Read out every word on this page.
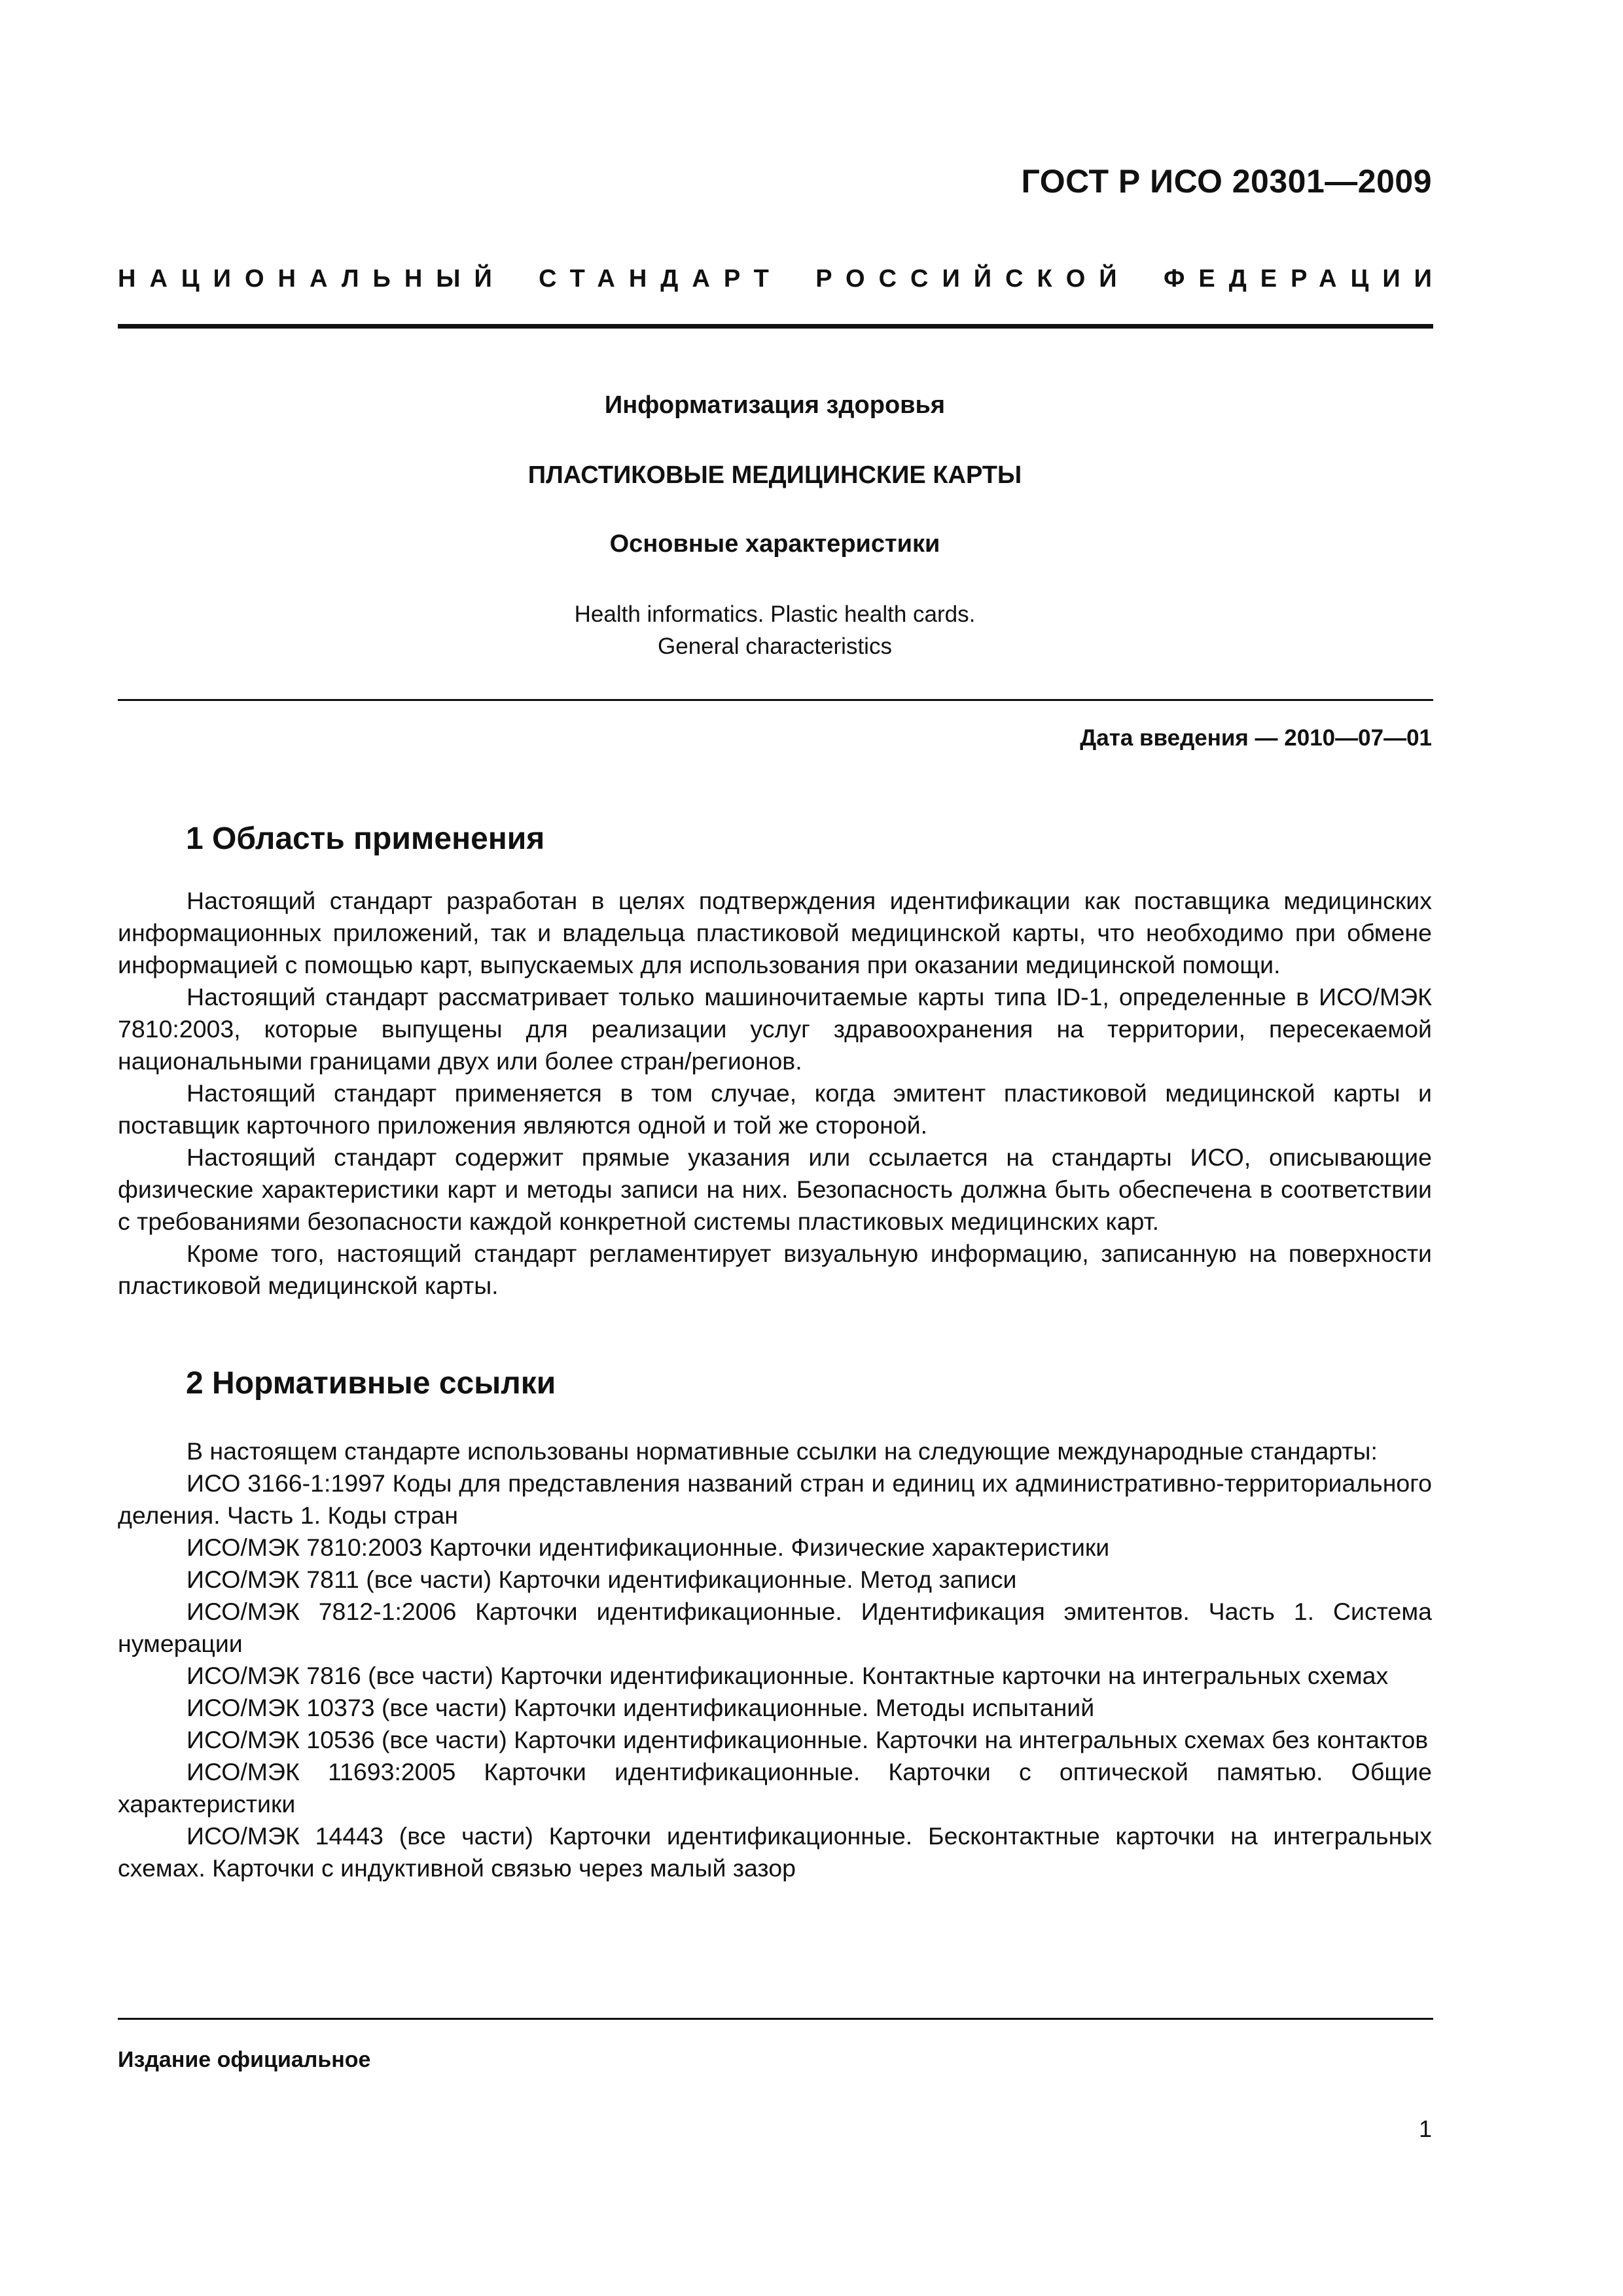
ГОСТ Р ИСО 20301—2009
НАЦИОНАЛЬНЫЙ СТАНДАРТ РОССИЙСКОЙ ФЕДЕРАЦИИ
Информатизация здоровья
ПЛАСТИКОВЫЕ МЕДИЦИНСКИЕ КАРТЫ
Основные характеристики
Health informatics. Plastic health cards.
General characteristics
Дата введения — 2010—07—01
1 Область применения

Настоящий стандарт разработан в целях подтверждения идентификации как поставщика медицинских информационных приложений, так и владельца пластиковой медицинской карты, что необходимо при обмене информацией с помощью карт, выпускаемых для использования при оказании медицинской помощи.

Настоящий стандарт рассматривает только машиночитаемые карты типа ID-1, определенные в ИСО/МЭК 7810:2003, которые выпущены для реализации услуг здравоохранения на территории, пересекаемой национальными границами двух или более стран/регионов.

Настоящий стандарт применяется в том случае, когда эмитент пластиковой медицинской карты и поставщик карточного приложения являются одной и той же стороной.

Настоящий стандарт содержит прямые указания или ссылается на стандарты ИСО, описывающие физические характеристики карт и методы записи на них. Безопасность должна быть обеспечена в соответствии с требованиями безопасности каждой конкретной системы пластиковых медицинских карт.

Кроме того, настоящий стандарт регламентирует визуальную информацию, записанную на поверхности пластиковой медицинской карты.

2 Нормативные ссылки

В настоящем стандарте использованы нормативные ссылки на следующие международные стандарты:

ИСО 3166-1:1997 Коды для представления названий стран и единиц их административно-территориального деления. Часть 1. Коды стран

ИСО/МЭК 7810:2003 Карточки идентификационные. Физические характеристики

ИСО/МЭК 7811 (все части) Карточки идентификационные. Метод записи

ИСО/МЭК 7812-1:2006 Карточки идентификационные. Идентификация эмитентов. Часть 1. Система нумерации

ИСО/МЭК 7816 (все части) Карточки идентификационные. Контактные карточки на интегральных схемах

ИСО/МЭК 10373 (все части) Карточки идентификационные. Методы испытаний

ИСО/МЭК 10536 (все части) Карточки идентификационные. Карточки на интегральных схемах без контактов

ИСО/МЭК 11693:2005 Карточки идентификационные. Карточки с оптической памятью. Общие характеристики

ИСО/МЭК 14443 (все части) Карточки идентификационные. Бесконтактные карточки на интегральных схемах. Карточки с индуктивной связью через малый зазор

Издание официальное
1
